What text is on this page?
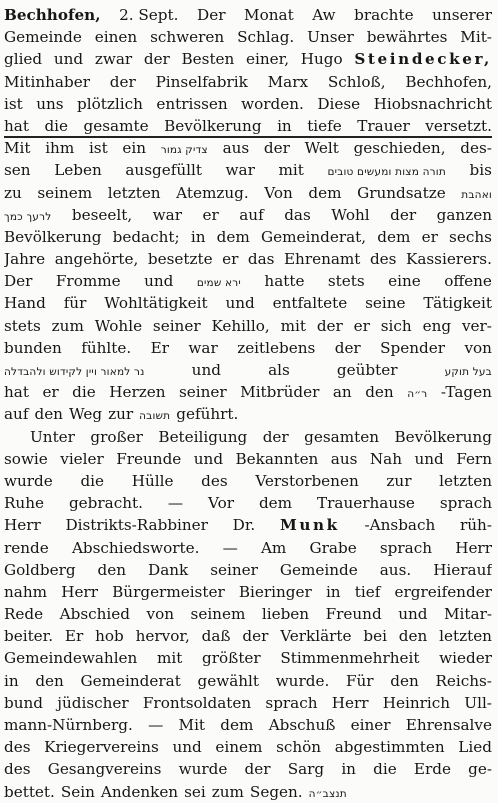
Bechhofen, 2. Sept. Der Monat Aw brachte unserer
Gemeinde einen schweren Schlag. Unser bewährtes Mit-
glied und zwar der Besten einer, Hugo Steindecker,
Mitinhaber der Pinselfabrik Marx Schloß, Bechhofen,
ist uns plötzlich entrissen worden. Diese Hiobsnachricht
hat die gesamte Bevölkerung in tiefe Trauer versetzt.
Mit ihm ist ein צדיק גמור aus der Welt geschieden, des-
sen Leben ausgefüllt war mit תורה מצות ומעשים טובים bis
zu seinem letzten Atemzug. Von dem Grundsatze ואהבת
לרעך כמך beseelt, war er auf das Wohl der ganzen
Bevölkerung bedacht; in dem Gemeinderat, dem er sechs
Jahre angehörte, besetzte er das Ehrenamt des Kassierers.
Der Fromme und ירא שמים hatte stets eine offene
Hand für Wohltätigkeit und entfaltete seine Tätigkeit
stets zum Wohle seiner Kehillo, mit der er sich eng ver-
bunden fühlte. Er war zeitlebens der Spender von
נר למאור ויין לקידוש ולהבדלה	und	als	geübter	בעל תוקע
hat er die Herzen seiner Mitbrüder an den ר״ה -Tagen
auf den Weg zur תשובה geführt.
Unter großer Beteiligung der gesamten Bevölkerung
sowie vieler Freunde und Bekannten aus Nah und Fern
wurde die Hülle des Verstorbenen zur letzten
Ruhe gebracht. — Vor dem Trauerhause sprach
Herr Distrikts-Rabbiner Dr. Munk -Ansbach rüh-
rende Abschiedsworte. — Am Grabe sprach Herr
Goldberg den Dank seiner Gemeinde aus. Hierauf
nahm Herr Bürgermeister Bieringer in tief ergreifender
Rede Abschied von seinem lieben Freund und Mitar-
beiter. Er hob hervor, daß der Verklärte bei den letzten
Gemeindewahlen mit größter Stimmenmehrheit wieder
in den Gemeinderat gewählt wurde. Für den Reichs-
bund jüdischer Frontsoldaten sprach Herr Heinrich Ull-
mann-Nürnberg. — Mit dem Abschuß einer Ehrensalve
des Kriegervereins und einem schön abgestimmten Lied
des Gesangvereins wurde der Sarg in die Erde ge-
bettet. Sein Andenken sei zum Segen. תנצב״ה
